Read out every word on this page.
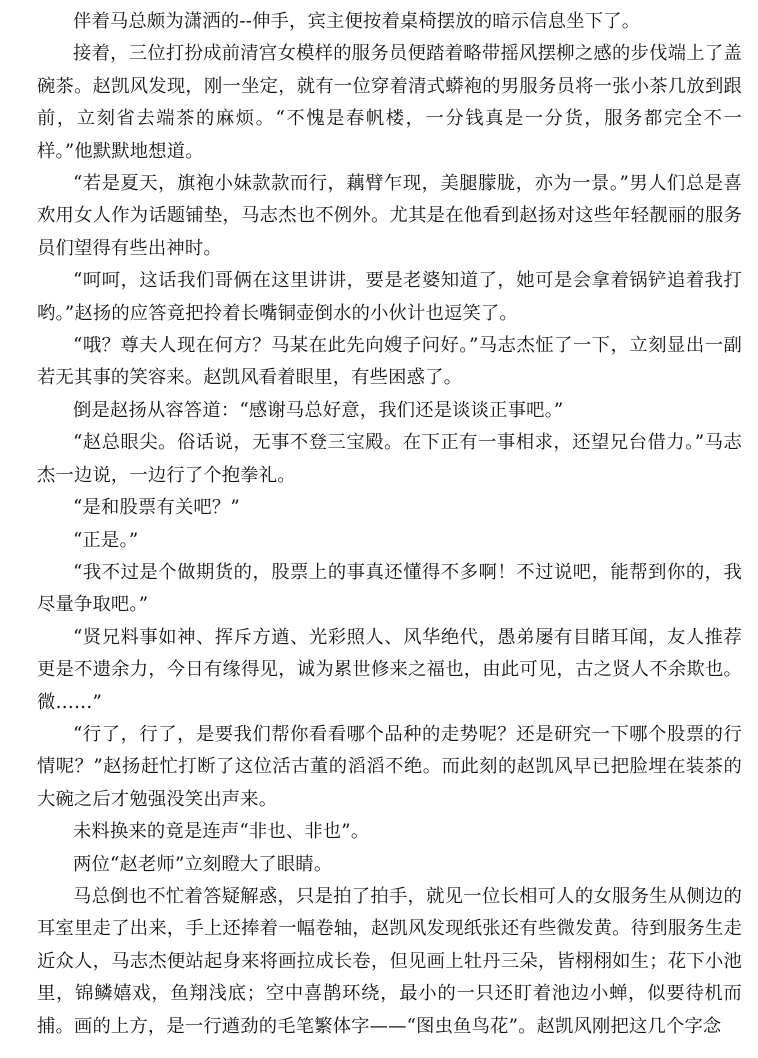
伴着马总颇为潇洒的--伸手，宾主便按着桌椅摆放的暗示信息坐下了。

接着，三位打扮成前清宫女模样的服务员便踏着略带摇风摆柳之感的步伐端上了盖碗茶。赵凯风发现，刚一坐定，就有一位穿着清式蟒袍的男服务员将一张小茶几放到跟前，立刻省去端茶的麻烦。“不愧是春帆楼，一分钱真是一分货，服务都完全不一样。”他默默地想道。

“若是夏天，旗袍小妹款款而行，藕臂乍现，美腿朦胧，亦为一景。”男人们总是喜欢用女人作为话题铺垫，马志杰也不例外。尤其是在他看到赵扬对这些年轻靓丽的服务员们望得有些出神时。

“呵呵，这话我们哥俩在这里讲讲，要是老婆知道了，她可是会拿着锅铲追着我打哟。”赵扬的应答竟把拎着长嘴铜壶倒水的小伙计也逗笑了。

“哦？尊夫人现在何方？马某在此先向嫂子问好。”马志杰怔了一下，立刻显出一副若无其事的笑容来。赵凯风看着眼里，有些困惑了。

倒是赵扬从容答道：“感谢马总好意，我们还是谈谈正事吧。”

“赵总眼尖。俗话说，无事不登三宝殿。在下正有一事相求，还望兄台借力。”马志杰一边说，一边行了个抱拳礼。

“是和股票有关吧？”

“正是。”

“我不过是个做期货的，股票上的事真还懂得不多啊！不过说吧，能帮到你的，我尽量争取吧。”

“贤兄料事如神、挥斥方遒、光彩照人、风华绝代，愚弟屡有目睹耳闻，友人推荐更是不遗余力，今日有缘得见，诚为累世修来之福也，由此可见，古之贤人不余欺也。微……”

“行了，行了，是要我们帮你看看哪个品种的走势呢？还是研究一下哪个股票的行情呢？”赵扬赶忙打断了这位活古董的滔滔不绝。而此刻的赵凯风早已把脸埋在装茶的大碗之后才勉强没笑出声来。

未料换来的竟是连声“非也、非也”。

两位“赵老师”立刻瞪大了眼睛。

马总倒也不忙着答疑解惑，只是拍了拍手，就见一位长相可人的女服务生从侧边的耳室里走了出来，手上还捧着一幅卷轴，赵凯风发现纸张还有些微发黄。待到服务生走近众人，马志杰便站起身来将画拉成长卷，但见画上牡丹三朵，皆栩栩如生；花下小池里，锦鳞嬉戏，鱼翔浅底；空中喜鹊环绕，最小的一只还盯着池边小蝉，似要待机而捕。画的上方，是一行遒劲的毛笔繁体字——“图虫鱼鸟花”。赵凯风刚把这几个字念
